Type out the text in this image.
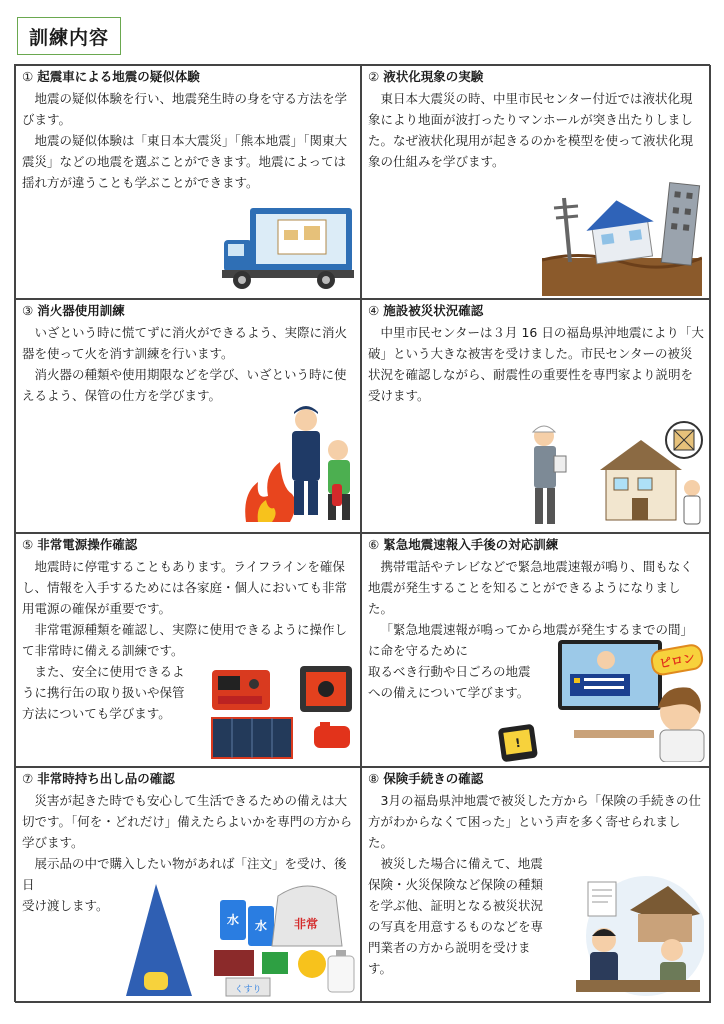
訓練内容
① 起震車による地震の疑似体験

地震の疑似体験を行い、地震発生時の身を守る方法を学びます。

地震の疑似体験は「東日本大震災」「熊本地震」「関東大震災」などの地震を選ぶことができます。地震によっては揺れ方が違うことも学ぶことができます。

② 液状化現象の実験

東日本大震災の時、中里市民センター付近では液状化現象により地面が波打ったりマンホールが突き出たりしました。なぜ液状化現用が起きるのかを模型を使って液状化現象の仕組みを学びます。

③ 消火器使用訓練

いざという時に慌てずに消火ができるよう、実際に消火器を使って火を消す訓練を行います。

消火器の種類や使用期限などを学び、いざという時に使えるよう、保管の仕方を学びます。

④ 施設被災状況確認

中里市民センターは３月 16 日の福島県沖地震により「大破」という大きな被害を受けました。市民センターの被災状況を確認しながら、耐震性の重要性を専門家より説明を受けます。

⑤ 非常電源操作確認

地震時に停電することもあります。ライフラインを確保し、情報を入手するためには各家庭・個人においても非常用電源の確保が重要です。

非常電源種類を確認し、実際に使用できるように操作して非常時に備える訓練です。

また、安全に使用できるように携行缶の取り扱いや保管方法についても学びます。

⑥ 緊急地震速報入手後の対応訓練

携帯電話やテレビなどで緊急地震速報が鳴り、間もなく地震が発生することを知ることができるようになりました。

「緊急地震速報が鳴ってから地震が発生するまでの間」に命を守るために

取るべき行動や日ごろの地震への備えについて学びます。

ピロン
!
⑦ 非常時持ち出し品の確認

災害が起きた時でも安心して生活できるための備えは大切です。「何を・どれだけ」備えたらよいかを専門の方から学びます。

展示品の中で購入したい物があれば「注文」を受け、後日

受け渡します。

水 水 非常
くすり
⑧ 保険手続きの確認

3月の福島県沖地震で被災した方から「保険の手続きの仕方がわからなくて困った」という声を多く寄せられました。

被災した場合に備えて、地震保険・火災保険など保険の種類を学ぶ他、証明となる被災状況の写真を用意するものなどを専門業者の方から説明を受けます。
